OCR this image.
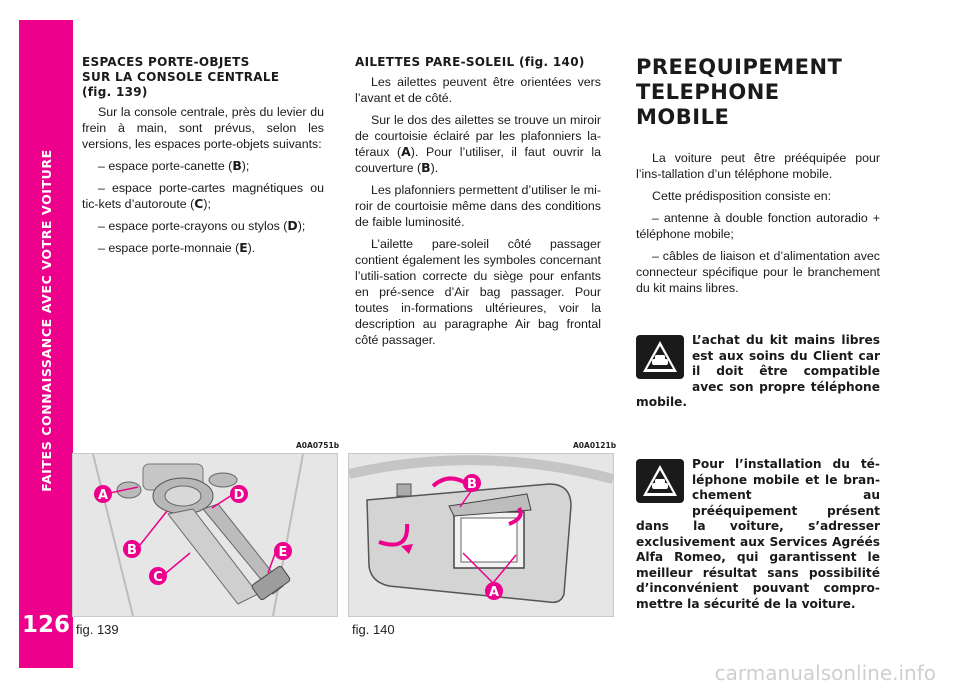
FAITES CONNAISSANCE AVEC VOTRE VOITURE
126
ESPACES PORTE-OBJETS
SUR LA CONSOLE CENTRALE
(fig. 139)

Sur la console centrale, près du levier du frein à main, sont prévus, selon les versions, les espaces porte-objets suivants:

– espace porte-canette (B);

– espace porte-cartes magnétiques ou tic-kets d’autoroute (C);

– espace porte-crayons ou stylos (D);

– espace porte-monnaie (E).

AILETTES PARE-SOLEIL (fig. 140)

Les ailettes peuvent être orientées vers l’avant et de côté.

Sur le dos des ailettes se trouve un miroir de courtoisie éclairé par les plafonniers la-téraux (A). Pour l’utiliser, il faut ouvrir la couverture (B).

Les plafonniers permettent d’utiliser le mi-roir de courtoisie même dans des conditions de faible luminosité.

L’ailette pare-soleil côté passager contient également les symboles concernant l’utili-sation correcte du siège pour enfants en pré-sence d’Air bag passager. Pour toutes in-formations ultérieures, voir la description au paragraphe Air bag frontal côté passager.

PREEQUIPEMENT
TELEPHONE MOBILE

La voiture peut être prééquipée pour l’ins-tallation d’un téléphone mobile.

Cette prédisposition consiste en:

– antenne à double fonction autoradio + téléphone mobile;

– câbles de liaison et d’alimentation avec connecteur spécifique pour le branchement du kit mains libres.

L’achat du kit mains libres est aux soins du Client car il doit être compatible avec son propre téléphone mobile.
Pour l’installation du té-léphone mobile et le bran-chement au prééquipement présent dans la voiture, s’adresser exclusivement aux Services Agréés Alfa Romeo, qui garantissent le meilleur résultat sans possibilité d’inconvénient pouvant compro-mettre la sécurité de la voiture.
A0A0751b
A
B
C
D
E
fig. 139
A0A0121b
B
A
fig. 140
carmanualsonline.info
